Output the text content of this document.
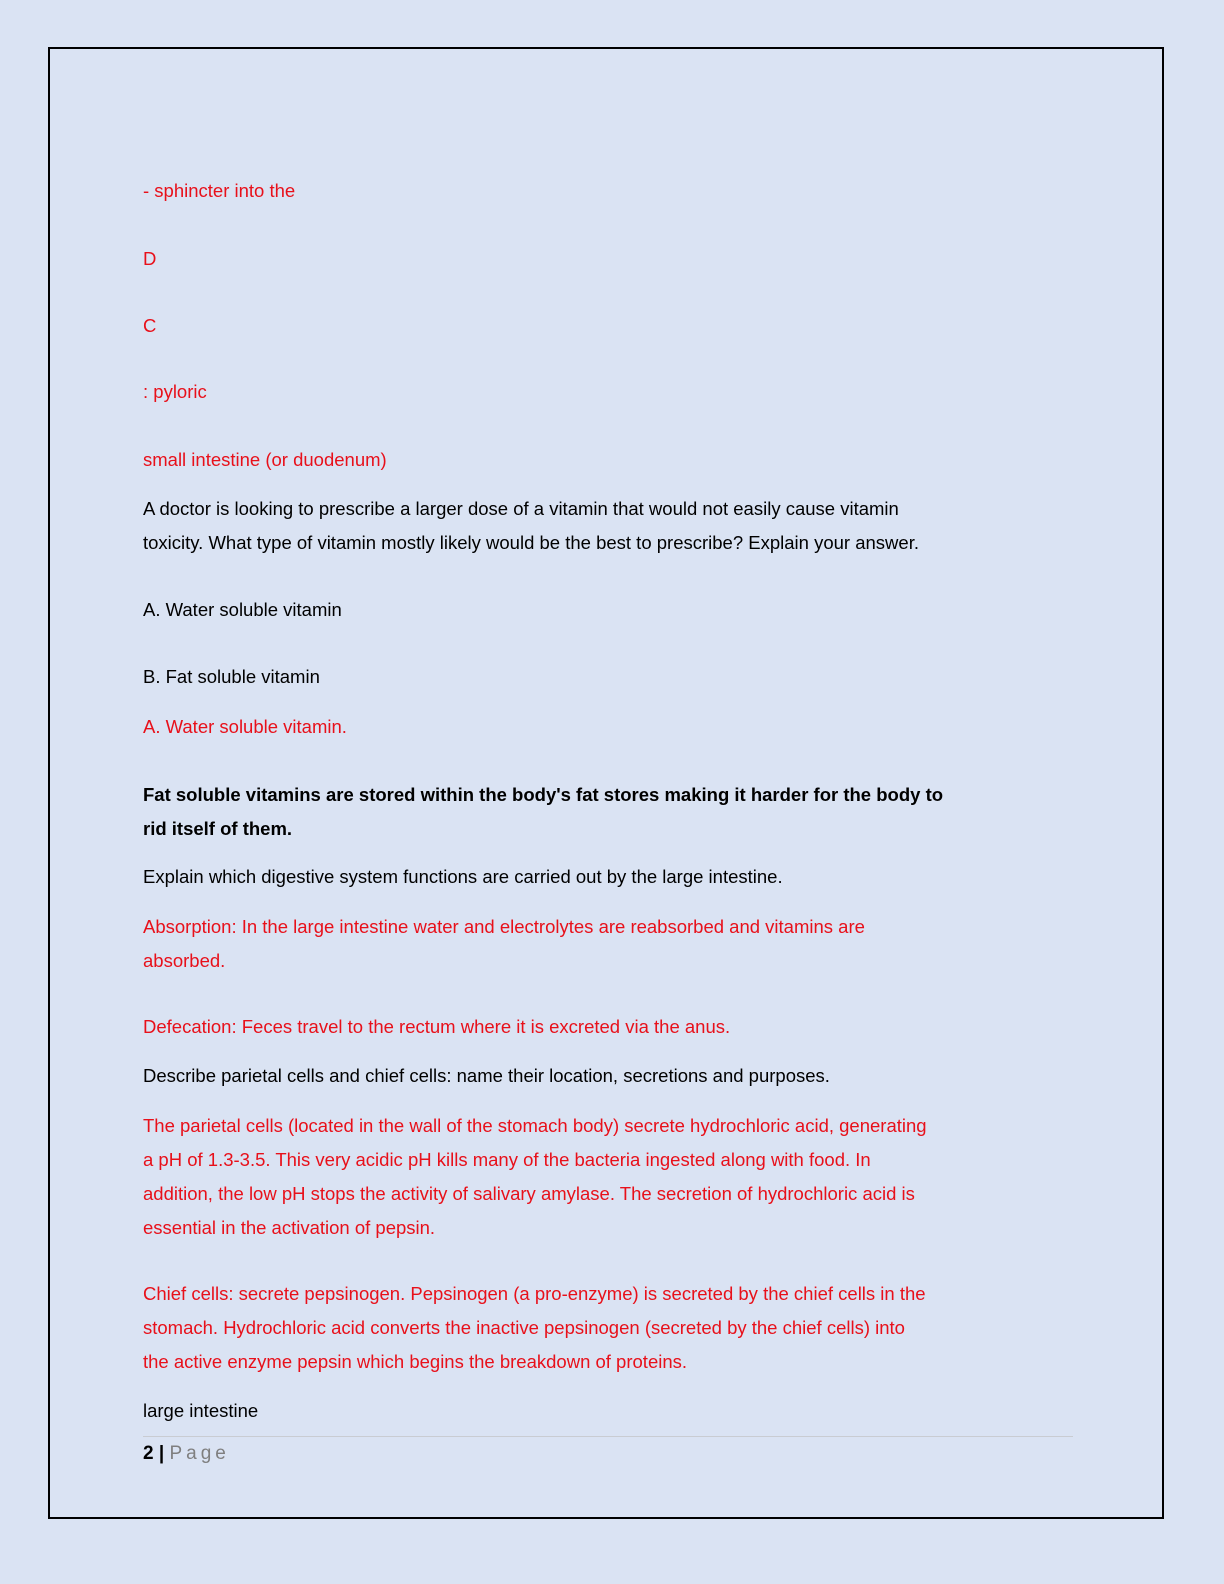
- sphincter into the
D
C
: pyloric
small intestine (or duodenum)
A doctor is looking to prescribe a larger dose of a vitamin that would not easily cause vitamin
toxicity. What type of vitamin mostly likely would be the best to prescribe? Explain your answer.
A. Water soluble vitamin
B. Fat soluble vitamin
A. Water soluble vitamin.
Fat soluble vitamins are stored within the body's fat stores making it harder for the body to
rid itself of them.
Explain which digestive system functions are carried out by the large intestine.
Absorption: In the large intestine water and electrolytes are reabsorbed and vitamins are
absorbed.
Defecation: Feces travel to the rectum where it is excreted via the anus.
Describe parietal cells and chief cells: name their location, secretions and purposes.
The parietal cells (located in the wall of the stomach body) secrete hydrochloric acid, generating
a pH of 1.3-3.5. This very acidic pH kills many of the bacteria ingested along with food. In
addition, the low pH stops the activity of salivary amylase. The secretion of hydrochloric acid is
essential in the activation of pepsin.
Chief cells: secrete pepsinogen. Pepsinogen (a pro-enzyme) is secreted by the chief cells in the
stomach. Hydrochloric acid converts the inactive pepsinogen (secreted by the chief cells) into
the active enzyme pepsin which begins the breakdown of proteins.
large intestine
2 | Page
